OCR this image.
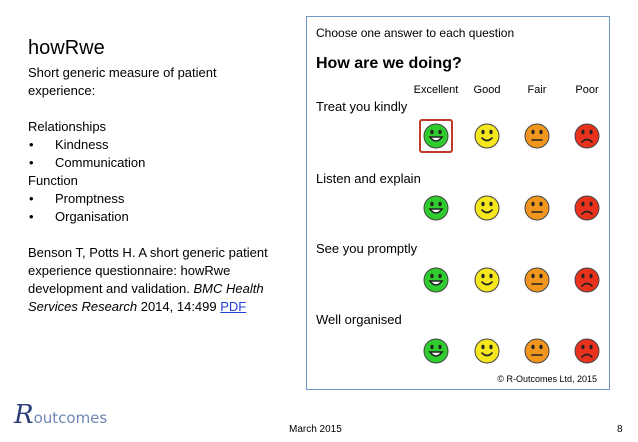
howRwe
Short generic measure of patient experience:
Relationships
•	Kindness
•	Communication
Function
•	Promptness
•	Organisation
Benson T, Potts H. A short generic patient experience questionnaire: howRwe development and validation. BMC Health Services Research 2014, 14:499 PDF
Choose one answer to each question
How are we doing?
© R-Outcomes Ltd, 2015
Excellent Good Fair	Poor
Treat you kindly
Listen and explain
See you promptly
Well organised
Routcomes
March 2015	8
